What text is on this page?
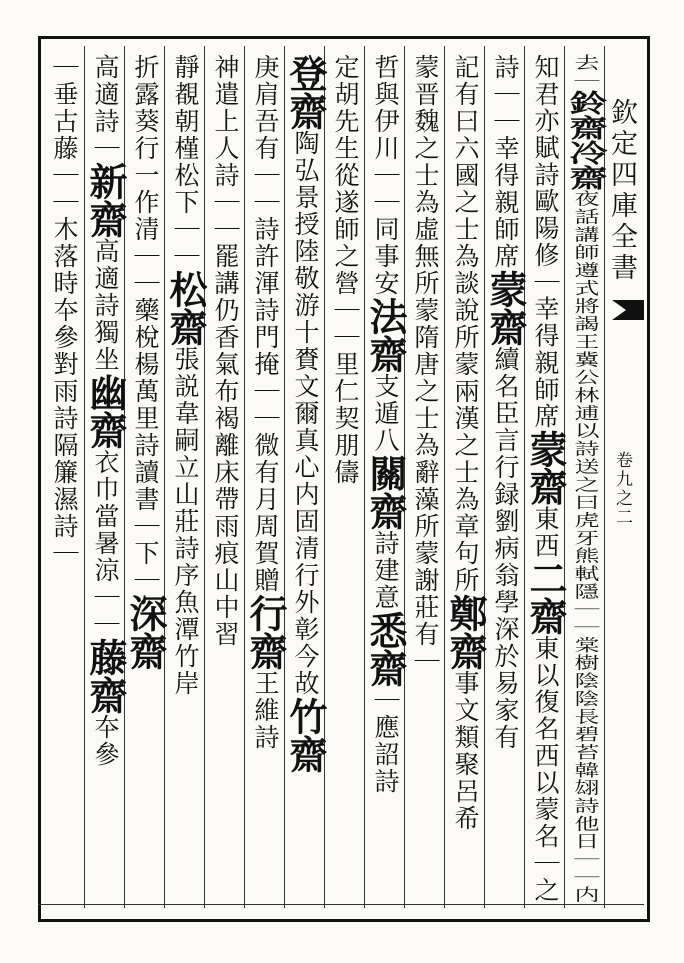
欽定四庫全書
卷九之二
去｜鈴齋冷齋夜話講師遵式將謁王冀公林逋以詩送之曰虎牙熊軾隱｜｜棠樹陰陰長碧苔韓翃詩他日｜｜内
知君亦賦詩歐陽修｜幸得親師席蒙齋東西二齋東以復名西以蒙名｜之
詩｜｜幸得親師席蒙齋續名臣言行録劉病翁學深於易家有
記有曰六國之士為談說所蒙兩漢之士為章句所鄭齋事文類聚呂希
蒙晋魏之士為虛無所蒙隋唐之士為辭藻所蒙謝莊有｜
哲與伊川｜｜同事安法齋支遁八關齋詩建意悉齋｜應詔詩
定胡先生從遂師之營｜｜里仁契朋儔
登齋陶弘景授陸敬游十賚文爾真心内固清行外彰今故竹齋
庚肩吾有｜｜詩許渾詩門掩｜｜微有月周賀贈行齋王維詩
神遣上人詩｜｜罷講仍香氣布褐離床帶雨痕山中習
靜覩朝槿松下｜｜松齋張説韋嗣立山莊詩序魚潭竹岸
折露葵行一作清｜｜藥梲楊萬里詩讀書｜下｜深齋
高適詩｜新齋高適詩獨坐幽齋衣巾當暑涼｜｜藤齋夲參
｜垂古藤｜｜木落時夲參對雨詩隔簾濕詩｜
